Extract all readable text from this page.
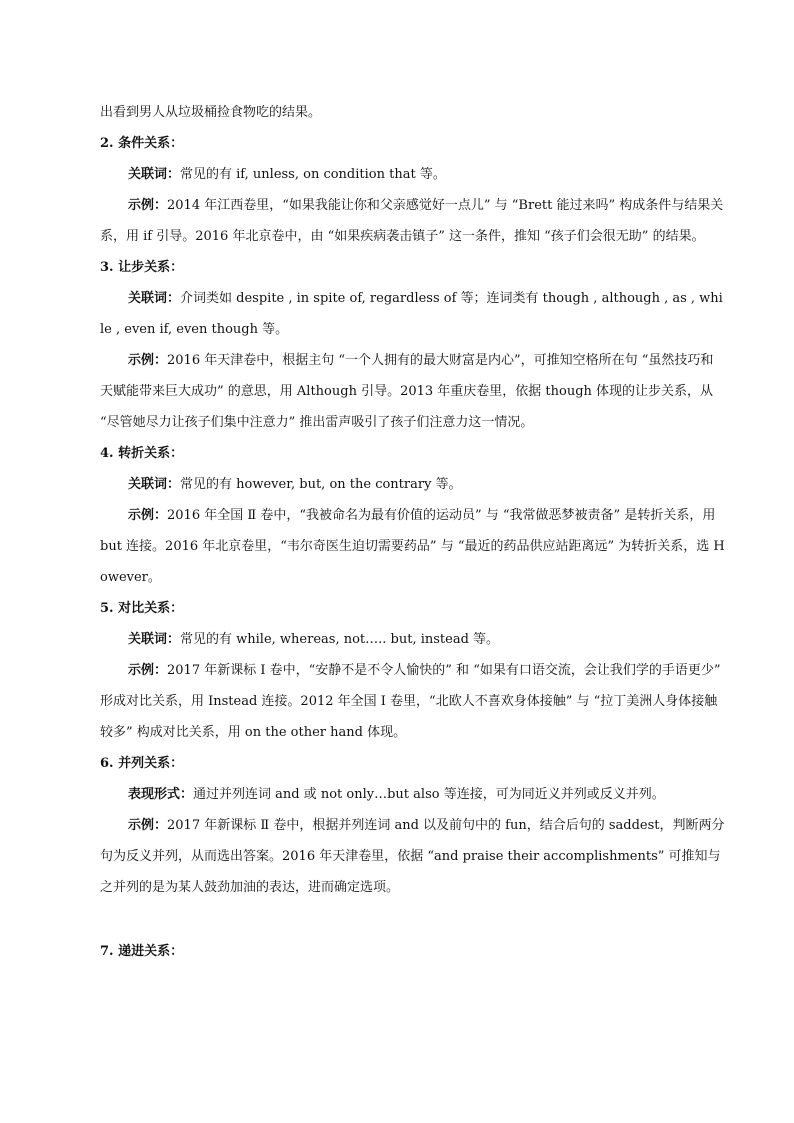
出看到男人从垃圾桶捡食物吃的结果。
2. 条件关系：
关联词：常见的有 if, unless, on condition that 等。
示例：2014 年江西卷里，“如果我能让你和父亲感觉好一点儿” 与 “Brett 能过来吗” 构成条件与结果关系，用 if 引导。2016 年北京卷中，由 “如果疾病袭击镇子” 这一条件，推知 “孩子们会很无助” 的结果。
3. 让步关系：
关联词：介词类如 despite , in spite of, regardless of 等；连词类有 though , although , as , while , even if, even though 等。
示例：2016 年天津卷中，根据主句 “一个人拥有的最大财富是内心”，可推知空格所在句 “虽然技巧和天赋能带来巨大成功” 的意思，用 Although 引导。2013 年重庆卷里，依据 though 体现的让步关系，从 “尽管她尽力让孩子们集中注意力” 推出雷声吸引了孩子们注意力这一情况。
4. 转折关系：
关联词：常见的有 however, but, on the contrary 等。
示例：2016 年全国 Ⅱ 卷中，“我被命名为最有价值的运动员” 与 “我常做恶梦被责备” 是转折关系，用 but 连接。2016 年北京卷里，“韦尔奇医生迫切需要药品” 与 “最近的药品供应站距离远” 为转折关系，选 However。
5. 对比关系：
关联词：常见的有 while, whereas, not….. but, instead 等。
示例：2017 年新课标 Ⅰ 卷中，“安静不是不令人愉快的” 和 “如果有口语交流，会让我们学的手语更少” 形成对比关系，用 Instead 连接。2012 年全国 Ⅰ 卷里，“北欧人不喜欢身体接触” 与 “拉丁美洲人身体接触较多” 构成对比关系，用 on the other hand 体现。
6. 并列关系：
表现形式：通过并列连词 and 或 not only…but also 等连接，可为同近义并列或反义并列。
示例：2017 年新课标 Ⅱ 卷中，根据并列连词 and 以及前句中的 fun，结合后句的 saddest，判断两分句为反义并列，从而选出答案。2016 年天津卷里，依据 “and praise their accomplishments” 可推知与之并列的是为某人鼓劲加油的表达，进而确定选项。
7. 递进关系：
